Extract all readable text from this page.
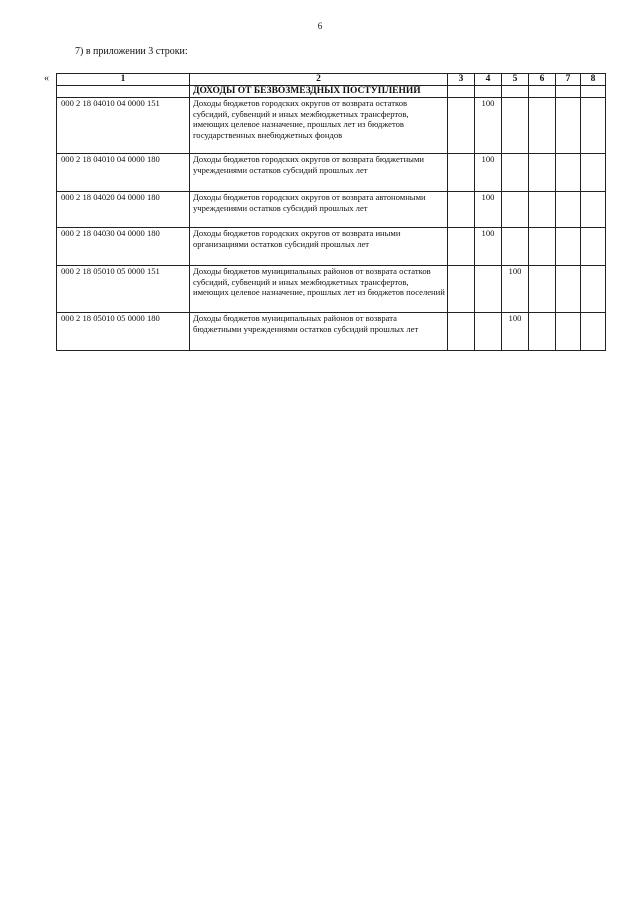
6
7) в приложении 3 строки:
«	1	2	3	4	5	6	7	8
	ДОХОДЫ ОТ БЕЗВОЗМЕЗДНЫХ ПОСТУПЛЕНИЙ						
000 2 18 04010 04 0000 151	Доходы бюджетов городских округов от возврата остатков субсидий, субвенций и иных межбюджетных трансфертов, имеющих целевое назначение, прошлых лет из бюджетов государственных внебюджетных фондов		100				
000 2 18 04010 04 0000 180	Доходы бюджетов городских округов от возврата бюджетными учреждениями остатков субсидий прошлых лет		100				
000 2 18 04020 04 0000 180	Доходы бюджетов городских округов от возврата автономными учреждениями остатков субсидий прошлых лет		100				
000 2 18 04030 04 0000 180	Доходы бюджетов городских округов от возврата иными организациями остатков субсидий прошлых лет		100				
000 2 18 05010 05 0000 151	Доходы бюджетов муниципальных районов от возврата остатков субсидий, субвенций и иных межбюджетных трансфертов, имеющих целевое назначение, прошлых лет из бюджетов поселений			100			
000 2 18 05010 05 0000 180	Доходы бюджетов муниципальных районов от возврата бюджетными учреждениями остатков субсидий прошлых лет			100			
